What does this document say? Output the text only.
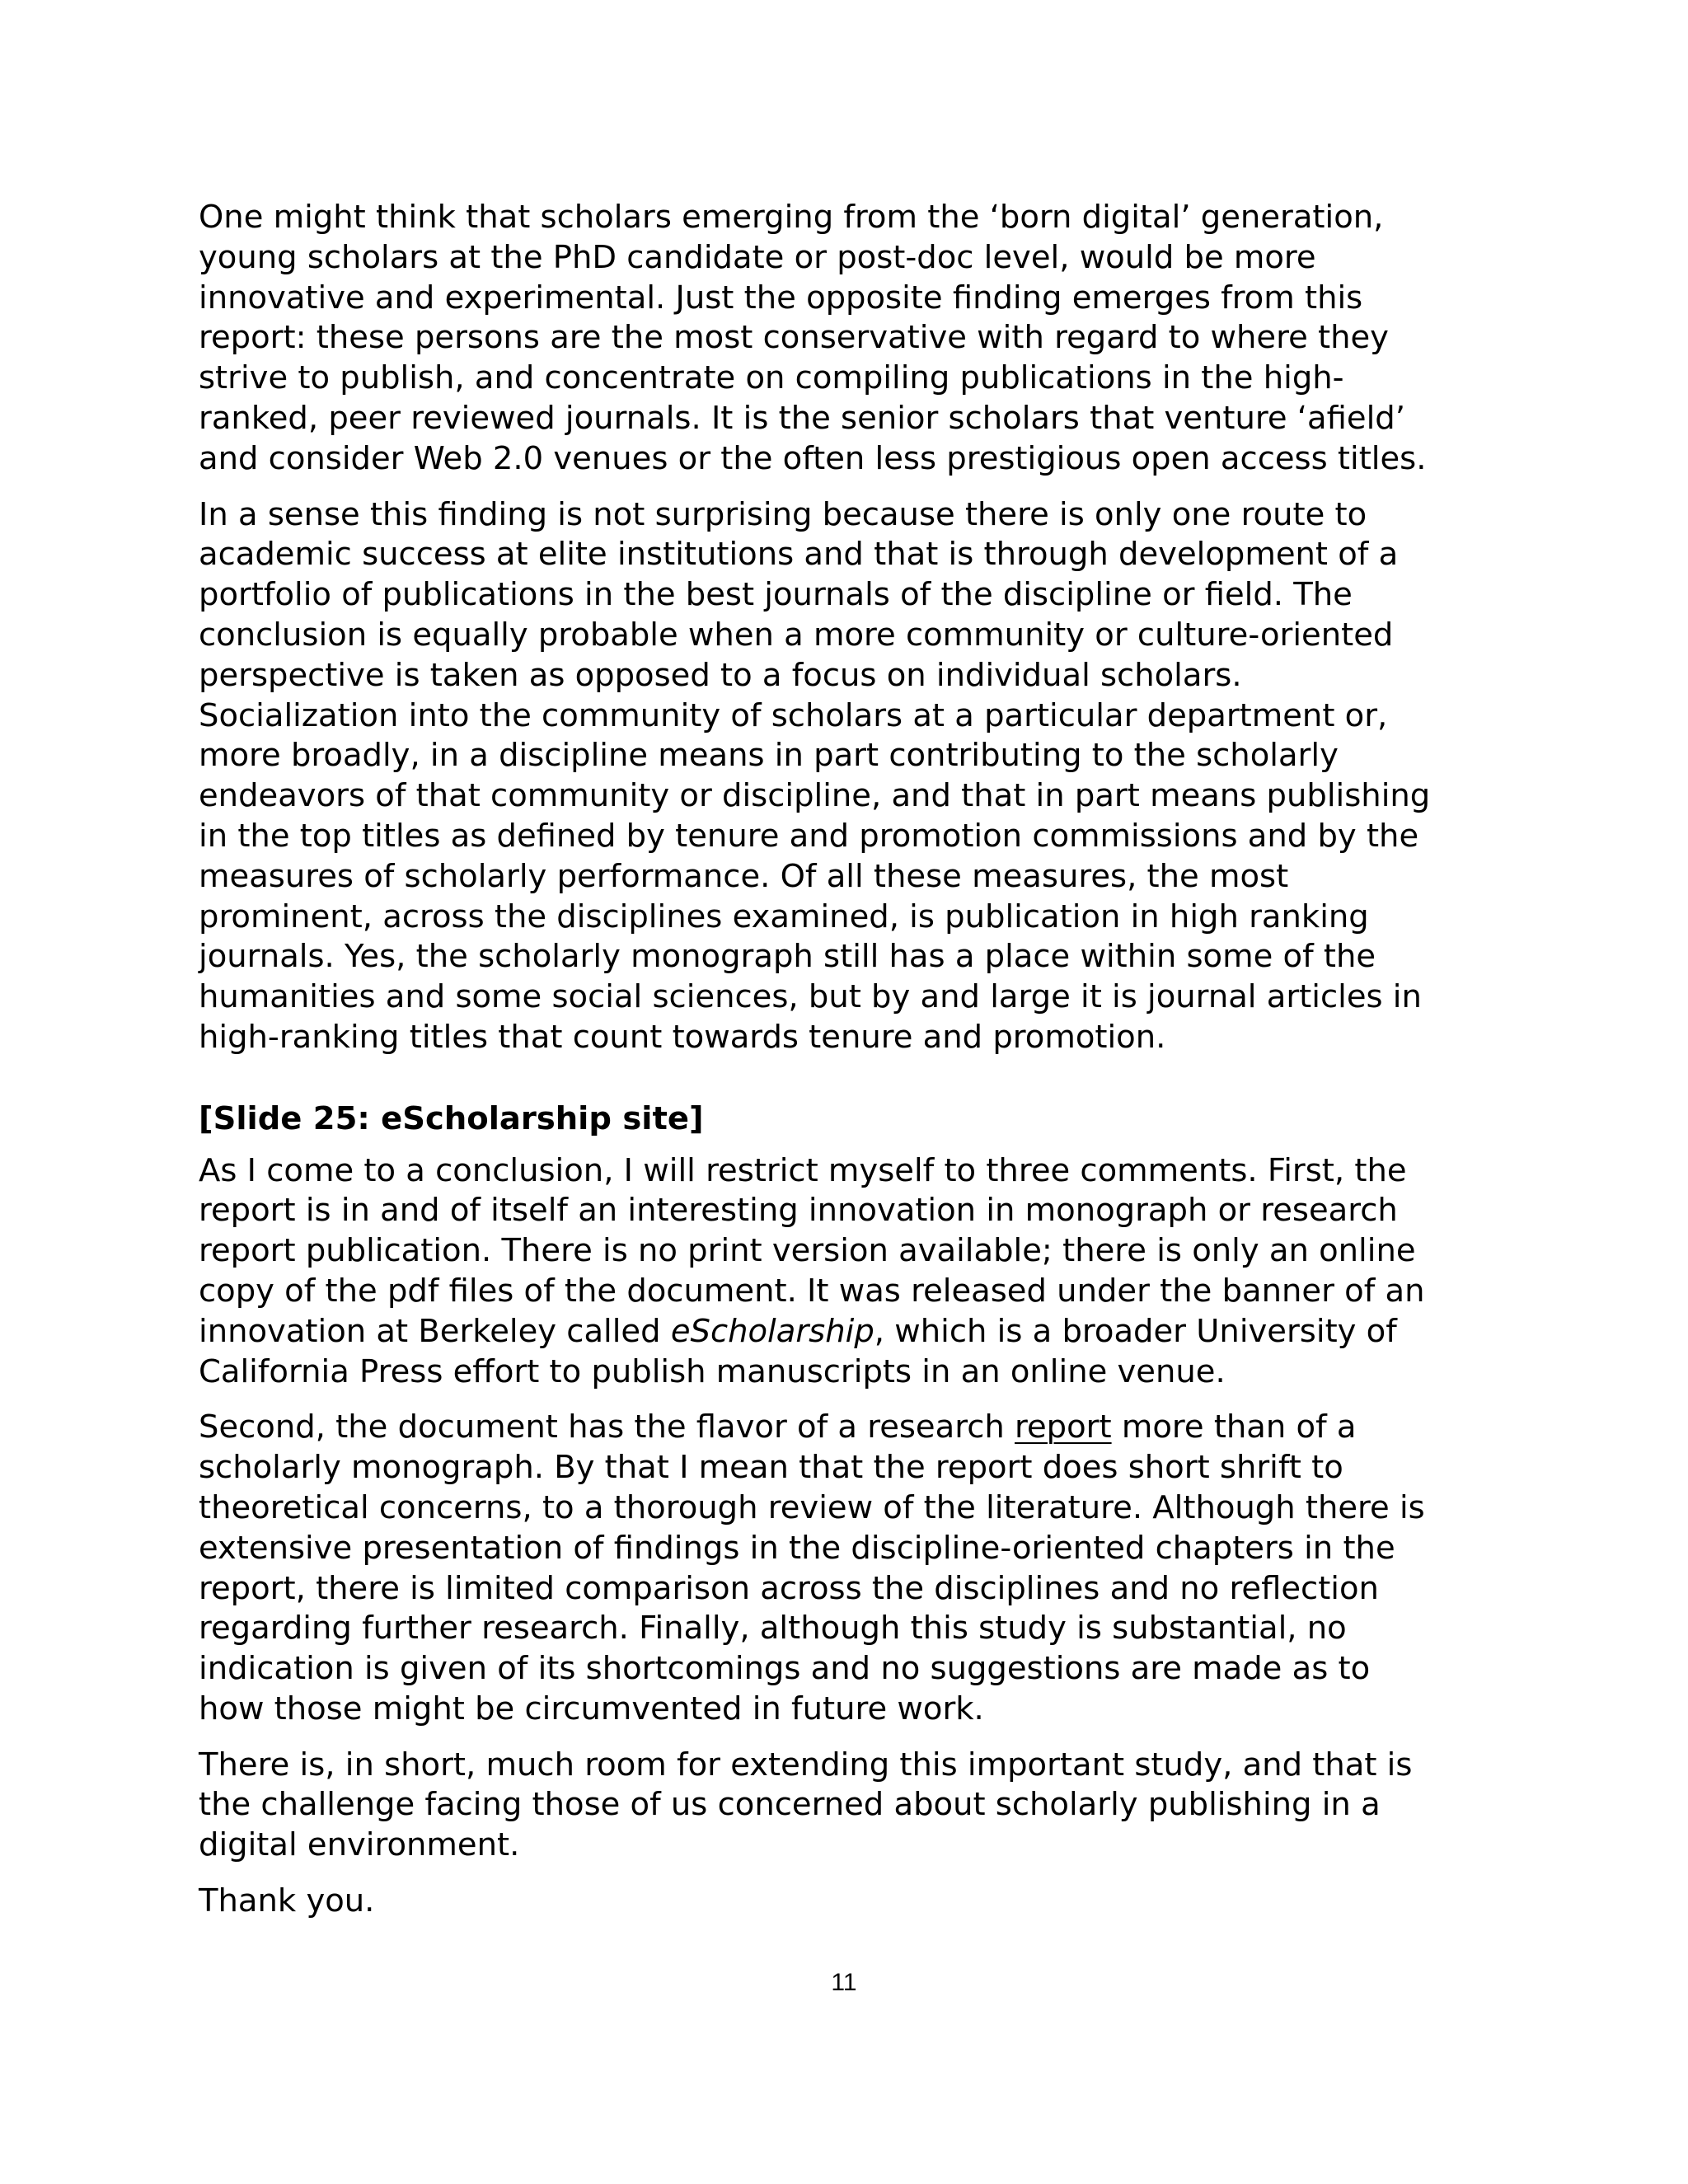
One might think that scholars emerging from the ‘born digital’ generation,
young scholars at the PhD candidate or post-doc level, would be more
innovative and experimental. Just the opposite finding emerges from this
report: these persons are the most conservative with regard to where they
strive to publish, and concentrate on compiling publications in the high-
ranked, peer reviewed journals. It is the senior scholars that venture ‘afield’
and consider Web 2.0 venues or the often less prestigious open access titles.

In a sense this finding is not surprising because there is only one route to
academic success at elite institutions and that is through development of a
portfolio of publications in the best journals of the discipline or field. The
conclusion is equally probable when a more community or culture-oriented
perspective is taken as opposed to a focus on individual scholars.
Socialization into the community of scholars at a particular department or,
more broadly, in a discipline means in part contributing to the scholarly
endeavors of that community or discipline, and that in part means publishing
in the top titles as defined by tenure and promotion commissions and by the
measures of scholarly performance. Of all these measures, the most
prominent, across the disciplines examined, is publication in high ranking
journals. Yes, the scholarly monograph still has a place within some of the
humanities and some social sciences, but by and large it is journal articles in
high-ranking titles that count towards tenure and promotion.

[Slide 25: eScholarship site]

As I come to a conclusion, I will restrict myself to three comments. First, the
report is in and of itself an interesting innovation in monograph or research
report publication. There is no print version available; there is only an online
copy of the pdf files of the document. It was released under the banner of an
innovation at Berkeley called eScholarship, which is a broader University of
California Press effort to publish manuscripts in an online venue.

Second, the document has the flavor of a research report more than of a
scholarly monograph. By that I mean that the report does short shrift to
theoretical concerns, to a thorough review of the literature. Although there is
extensive presentation of findings in the discipline-oriented chapters in the
report, there is limited comparison across the disciplines and no reflection
regarding further research. Finally, although this study is substantial, no
indication is given of its shortcomings and no suggestions are made as to
how those might be circumvented in future work.

There is, in short, much room for extending this important study, and that is
the challenge facing those of us concerned about scholarly publishing in a
digital environment.

Thank you.

11
